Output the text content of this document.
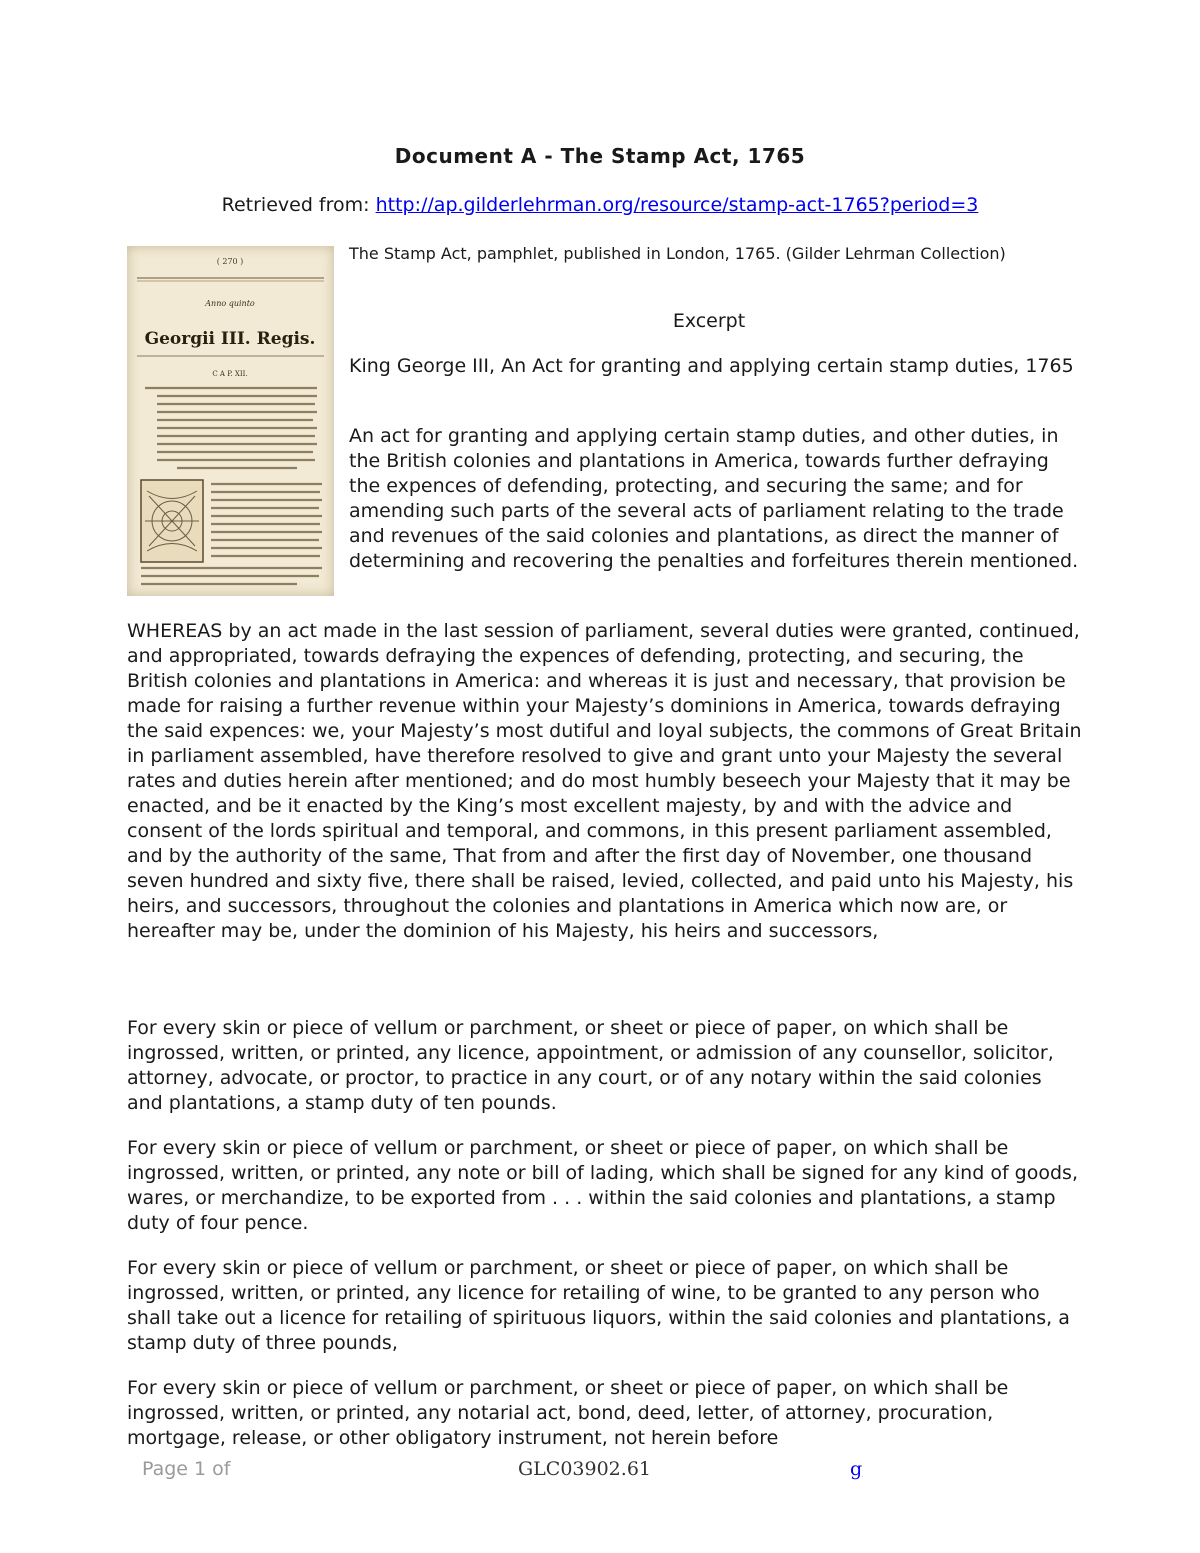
Document A - The Stamp Act, 1765
Retrieved from: http://ap.gilderlehrman.org/resource/stamp-act-1765?period=3
( 270 )
Anno quinto
Georgii III. Regis.
C A P. XII.
The Stamp Act, pamphlet, published in London, 1765. (Gilder Lehrman Collection)
Excerpt

King George III, An Act for granting and applying certain stamp duties, 1765

An act for granting and applying certain stamp duties, and other duties, in the British colonies and plantations in America, towards further defraying the expences of defending, protecting, and securing the same; and for amending such parts of the several acts of parliament relating to the trade and revenues of the said colonies and plantations, as direct the manner of determining and recovering the penalties and forfeitures therein mentioned.

WHEREAS by an act made in the last session of parliament, several duties were granted, continued, and appropriated, towards defraying the expences of defending, protecting, and securing, the British colonies and plantations in America: and whereas it is just and necessary, that provision be made for raising a further revenue within your Majesty’s dominions in America, towards defraying the said expences: we, your Majesty’s most dutiful and loyal subjects, the commons of Great Britain in parliament assembled, have therefore resolved to give and grant unto your Majesty the several rates and duties herein after mentioned; and do most humbly beseech your Majesty that it may be enacted, and be it enacted by the King’s most excellent majesty, by and with the advice and consent of the lords spiritual and temporal, and commons, in this present parliament assembled, and by the authority of the same, That from and after the first day of November, one thousand seven hundred and sixty five, there shall be raised, levied, collected, and paid unto his Majesty, his heirs, and successors, throughout the colonies and plantations in America which now are, or hereafter may be, under the dominion of his Majesty, his heirs and successors,

For every skin or piece of vellum or parchment, or sheet or piece of paper, on which shall be ingrossed, written, or printed, any licence, appointment, or admission of any counsellor, solicitor, attorney, advocate, or proctor, to practice in any court, or of any notary within the said colonies and plantations, a stamp duty of ten pounds.

For every skin or piece of vellum or parchment, or sheet or piece of paper, on which shall be ingrossed, written, or printed, any note or bill of lading, which shall be signed for any kind of goods, wares, or merchandize, to be exported from . . . within the said colonies and plantations, a stamp duty of four pence.

For every skin or piece of vellum or parchment, or sheet or piece of paper, on which shall be ingrossed, written, or printed, any licence for retailing of wine, to be granted to any person who shall take out a licence for retailing of spirituous liquors, within the said colonies and plantations, a stamp duty of three pounds,

For every skin or piece of vellum or parchment, or sheet or piece of paper, on which shall be ingrossed, written, or printed, any notarial act, bond, deed, letter, of attorney, procuration, mortgage, release, or other obligatory instrument, not herein before

Page 1 of	GLC03902.61	g
